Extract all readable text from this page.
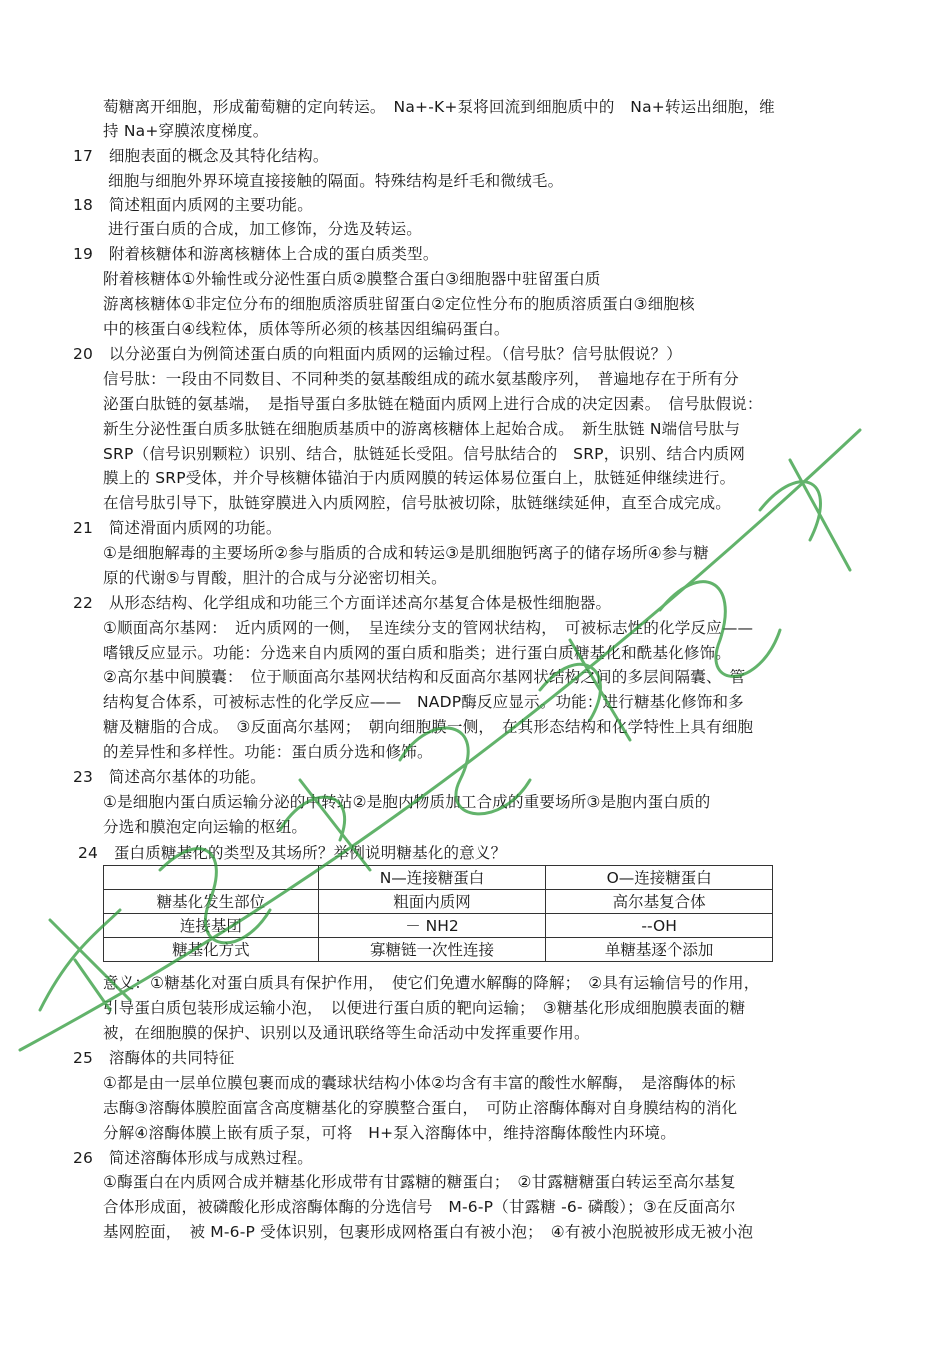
萄糖离开细胞，形成葡萄糖的定向转运。　Na+-K+泵将回流到细胞质中的　Na+转运出细胞，维
持 Na+穿膜浓度梯度。
17　细胞表面的概念及其特化结构。
细胞与细胞外界环境直接接触的隔面。特殊结构是纤毛和微绒毛。
18　简述粗面内质网的主要功能。
进行蛋白质的合成，加工修饰，分选及转运。
19　附着核糖体和游离核糖体上合成的蛋白质类型。
附着核糖体①外输性或分泌性蛋白质②膜整合蛋白③细胞器中驻留蛋白质
游离核糖体①非定位分布的细胞质溶质驻留蛋白②定位性分布的胞质溶质蛋白③细胞核
中的核蛋白④线粒体，质体等所必须的核基因组编码蛋白。
20　以分泌蛋白为例简述蛋白质的向粗面内质网的运输过程。（信号肽？信号肽假说？）
信号肽：一段由不同数目、不同种类的氨基酸组成的疏水氨基酸序列，　普遍地存在于所有分
泌蛋白肽链的氨基端，　是指导蛋白多肽链在糙面内质网上进行合成的决定因素。　信号肽假说：
新生分泌性蛋白质多肽链在细胞质基质中的游离核糖体上起始合成。　新生肽链 N端信号肽与
SRP（信号识别颗粒）识别、结合，肽链延长受阻。信号肽结合的　SRP，识别、结合内质网
膜上的 SRP受体，并介导核糖体锚泊于内质网膜的转运体易位蛋白上，肽链延伸继续进行。
在信号肽引导下，肽链穿膜进入内质网腔，信号肽被切除，肽链继续延伸，直至合成完成。
21　简述滑面内质网的功能。
①是细胞解毒的主要场所②参与脂质的合成和转运③是肌细胞钙离子的储存场所④参与糖
原的代谢⑤与胃酸，胆汁的合成与分泌密切相关。
22　从形态结构、化学组成和功能三个方面详述高尔基复合体是极性细胞器。
①顺面高尔基网：　近内质网的一侧，　呈连续分支的管网状结构，　可被标志性的化学反应——
嗜锇反应显示。功能：分选来自内质网的蛋白质和脂类；进行蛋白质糖基化和酰基化修饰。
②高尔基中间膜囊：　位于顺面高尔基网状结构和反面高尔基网状结构之间的多层间隔囊、　管
结构复合体系，可被标志性的化学反应——　NADP酶反应显示。功能：进行糖基化修饰和多
糖及糖脂的合成。　③反面高尔基网；　朝向细胞膜一侧，　在其形态结构和化学特性上具有细胞
的差异性和多样性。功能：蛋白质分选和修饰。
23　简述高尔基体的功能。
①是细胞内蛋白质运输分泌的中转站②是胞内物质加工合成的重要场所③是胞内蛋白质的
分选和膜泡定向运输的枢纽。
24　蛋白质糖基化的类型及其场所？举例说明糖基化的意义？
	N—连接糖蛋白	O—连接糖蛋白
糖基化发生部位	粗面内质网	高尔基复合体
连接基团	－ NH2	--OH
糖基化方式	寡糖链一次性连接	单糖基逐个添加
意义：①糖基化对蛋白质具有保护作用，　使它们免遭水解酶的降解；　②具有运输信号的作用，
引导蛋白质包装形成运输小泡，　以便进行蛋白质的靶向运输；　③糖基化形成细胞膜表面的糖
被，在细胞膜的保护、识别以及通讯联络等生命活动中发挥重要作用。
25　溶酶体的共同特征
①都是由一层单位膜包裹而成的囊球状结构小体②均含有丰富的酸性水解酶，　是溶酶体的标
志酶③溶酶体膜腔面富含高度糖基化的穿膜整合蛋白，　可防止溶酶体酶对自身膜结构的消化
分解④溶酶体膜上嵌有质子泵，可将　H+泵入溶酶体中，维持溶酶体酸性内环境。
26　简述溶酶体形成与成熟过程。
①酶蛋白在内质网合成并糖基化形成带有甘露糖的糖蛋白；　②甘露糖糖蛋白转运至高尔基复
合体形成面，被磷酸化形成溶酶体酶的分选信号　M-6-P（甘露糖 -6- 磷酸）；③在反面高尔
基网腔面，　被 M-6-P 受体识别，包裹形成网格蛋白有被小泡；　④有被小泡脱被形成无被小泡
